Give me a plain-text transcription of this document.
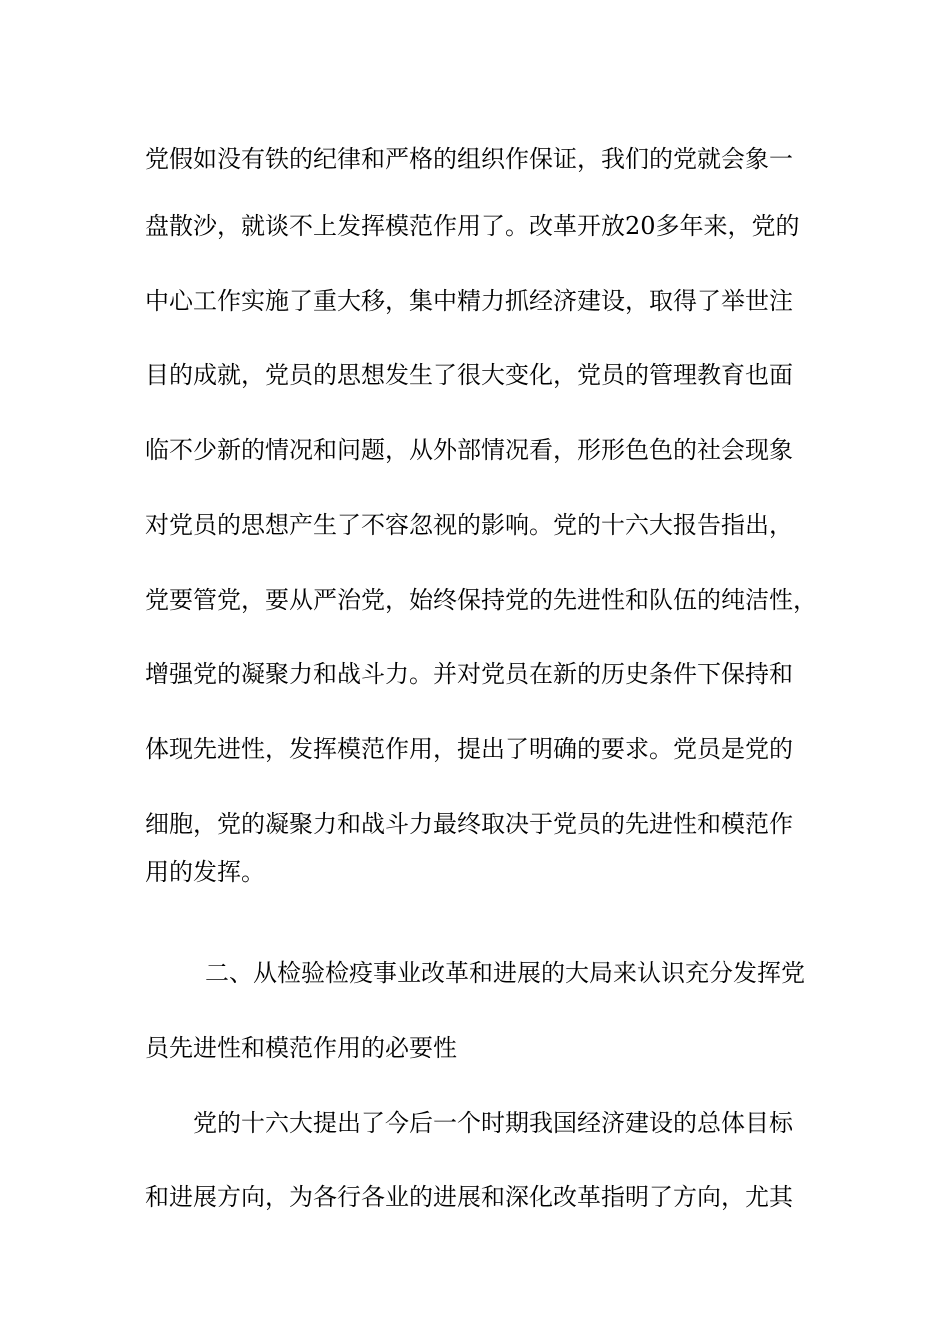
党假如没有铁的纪律和严格的组织作保证，我们的党就会象一
盘散沙，就谈不上发挥模范作用了。改革开放20多年来，党的
中心工作实施了重大移，集中精力抓经济建设，取得了举世注
目的成就，党员的思想发生了很大变化，党员的管理教育也面
临不少新的情况和问题，从外部情况看，形形色色的社会现象
对党员的思想产生了不容忽视的影响。党的十六大报告指出，
党要管党，要从严治党，始终保持党的先进性和队伍的纯洁性，
增强党的凝聚力和战斗力。并对党员在新的历史条件下保持和
体现先进性，发挥模范作用，提出了明确的要求。党员是党的
细胞，党的凝聚力和战斗力最终取决于党员的先进性和模范作
用的发挥。
二、从检验检疫事业改革和进展的大局来认识充分发挥党
员先进性和模范作用的必要性
党的十六大提出了今后一个时期我国经济建设的总体目标
和进展方向，为各行各业的进展和深化改革指明了方向，尤其
